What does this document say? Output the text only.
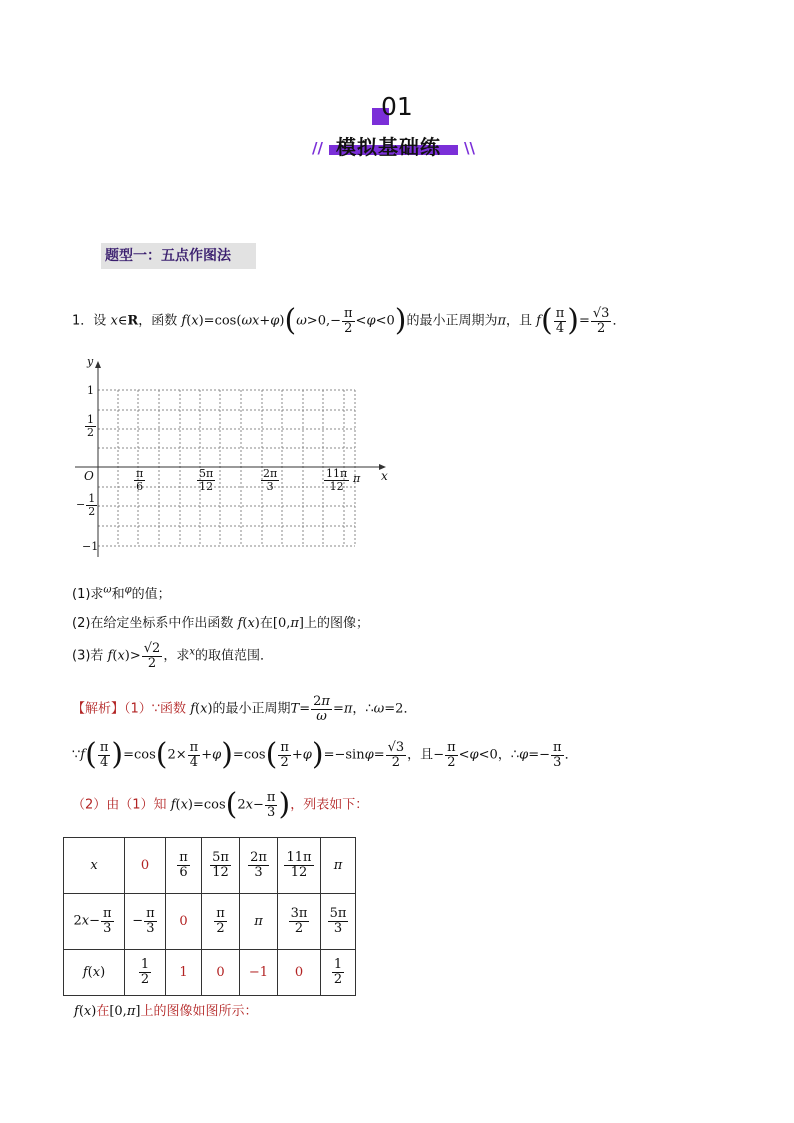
01
模拟基础练
//	\\
题型一：五点作图法
1．设 x∈R，函数 $f(x)=\cos(\omega x+\varphi)(\omega>0,- \frac{\pi}{2} <\varphi<0)$的最小正周期为π，且 $f( \frac{\pi}{4}$ )= $\frac{√3}{2}$ ．
y
x
O
1
$\frac{1}{2}$
− $\frac{1}{2}$
−1
$\frac{\pi}{6}$	$\frac{5\pi}{12}$	$\frac{2\pi}{3}$	$\frac{11\pi}{12}$ π
(1)求$^\omega$和$^\varphi$的值；
(2)在给定坐标系中作出函数 f(x)在[0,π]上的图像；
(3)若 $f(x)> \frac{√2}{2}$ ，求$^x$的取值范围．
【解析】（1）∵函数 f(x)的最小正周期$T= \frac{2\pi}{\omega} =\pi$，∴ω=2．
∵f( $\frac{\pi}{4} )=\cos(2\times \frac{\pi}{4} +\varphi)=\cos( \frac{\pi}{2} +\varphi)=-\sin\varphi= \frac{√3}{2}$ ，且− $\frac{\pi}{2} <\varphi<0$，∴φ=− $\frac{\pi}{3}$ ．
（2）由（1）知 $f(x)=\cos(2x- \frac{\pi}{3}$ )，列表如下：
x	0	$\frac{\pi}{6}$	$\frac{5\pi}{12}$	$\frac{2\pi}{3}$	$\frac{11\pi}{12}$	π
$2x- \frac{\pi}{3}$	− $\frac{\pi}{3}$	0	$\frac{\pi}{2}$	π	$\frac{3\pi}{2}$	$\frac{5\pi}{3}$

f(x)	$\frac{1}{2}$	1	0	−1	0	$\frac{1}{2}$
f(x)在[0,π]上的图像如图所示：
